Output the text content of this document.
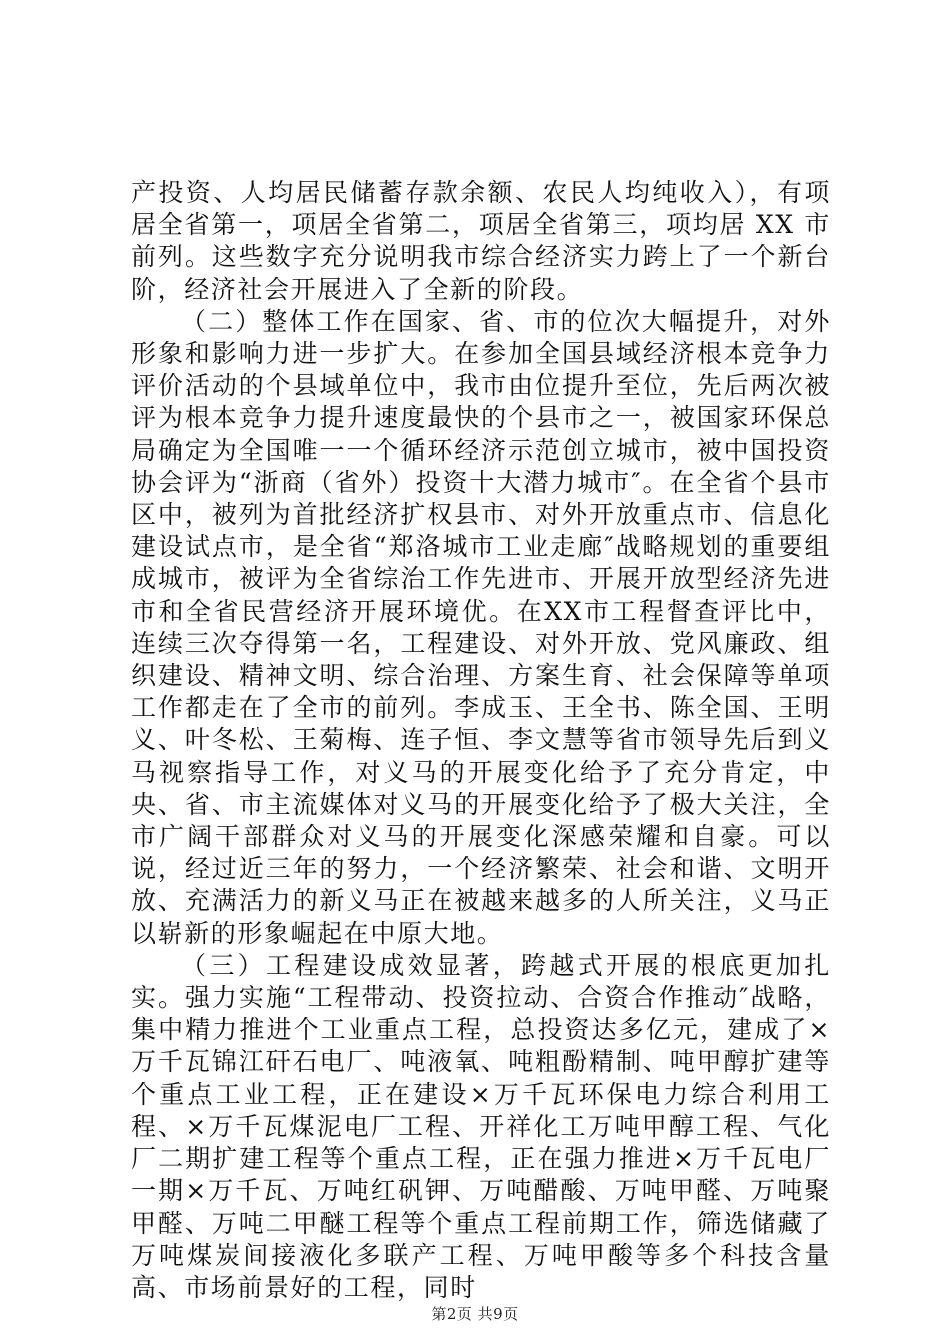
产投资、人均居民储蓄存款余额、农民人均纯收入），有项居全省第一，项居全省第二，项居全省第三，项均居 XX 市前列。这些数字充分说明我市综合经济实力跨上了一个新台阶，经济社会开展进入了全新的阶段。

（二）整体工作在国家、省、市的位次大幅提升，对外形象和影响力进一步扩大。在参加全国县域经济根本竞争力评价活动的个县域单位中，我市由位提升至位，先后两次被评为根本竞争力提升速度最快的个县市之一，被国家环保总局确定为全国唯一一个循环经济示范创立城市，被中国投资协会评为“浙商（省外）投资十大潜力城市″。在全省个县市区中，被列为首批经济扩权县市、对外开放重点市、信息化建设试点市，是全省“郑洛城市工业走廊″战略规划的重要组成城市，被评为全省综治工作先进市、开展开放型经济先进市和全省民营经济开展环境优。在XX市工程督查评比中，连续三次夺得第一名，工程建设、对外开放、党风廉政、组织建设、精神文明、综合治理、方案生育、社会保障等单项工作都走在了全市的前列。李成玉、王全书、陈全国、王明义、叶冬松、王菊梅、连子恒、李文慧等省市领导先后到义马视察指导工作，对义马的开展变化给予了充分肯定，中央、省、市主流媒体对义马的开展变化给予了极大关注，全市广阔干部群众对义马的开展变化深感荣耀和自豪。可以说，经过近三年的努力，一个经济繁荣、社会和谐、文明开放、充满活力的新义马正在被越来越多的人所关注，义马正以崭新的形象崛起在中原大地。

（三）工程建设成效显著，跨越式开展的根底更加扎实。强力实施“工程带动、投资拉动、合资合作推动″战略，集中精力推进个工业重点工程，总投资达多亿元，建成了×万千瓦锦江矸石电厂、吨液氧、吨粗酚精制、吨甲醇扩建等个重点工业工程，正在建设×万千瓦环保电力综合利用工程、×万千瓦煤泥电厂工程、开祥化工万吨甲醇工程、气化厂二期扩建工程等个重点工程，正在强力推进×万千瓦电厂一期×万千瓦、万吨红矾钾、万吨醋酸、万吨甲醛、万吨聚甲醛、万吨二甲醚工程等个重点工程前期工作，筛选储藏了万吨煤炭间接液化多联产工程、万吨甲酸等多个科技含量高、市场前景好的工程，同时

第2页 共9页
